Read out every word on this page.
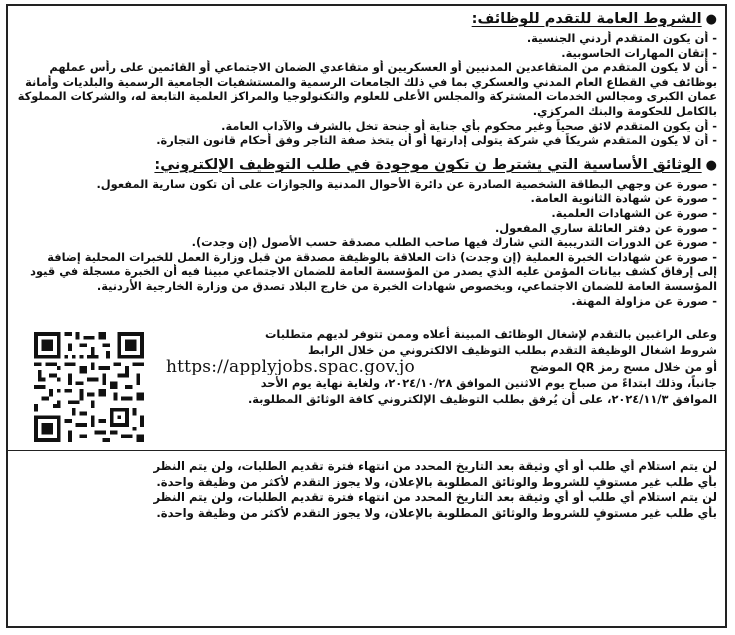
●الشروط العامة للتقدم للوظائف:
- أن يكون المتقدم أردني الجنسية.
- إتقان المهارات الحاسوبية.
- أن لا يكون المتقدم من المتقاعدين المدنيين أو العسكريين أو متقاعدي الضمان الاجتماعي أو القائمين على رأس عملهم
بوظائف في القطاع العام المدني والعسكري بما في ذلك الجامعات الرسمية والمستشفيات الجامعية الرسمية والبلديات وأمانة
عمان الكبرى ومجالس الخدمات المشتركة والمجلس الأعلى للعلوم والتكنولوجيا والمراكز العلمية التابعة له، والشركات المملوكة
بالكامل للحكومة والبنك المركزي.
- أن يكون المتقدم لائق صحياً وغير محكوم بأي جناية أو جنحة تخل بالشرف والآداب العامة.
- أن لا يكون المتقدم شريكاً في شركة يتولى إدارتها أو أن يتخذ صفة التاجر وفق أحكام قانون التجارة.
●الوثائق الأساسية التي يشترط ن تكون موجودة في طلب التوظيف الإلكتروني:
- صورة عن وجهي البطاقة الشخصية الصادرة عن دائرة الأحوال المدنية والجوازات على أن تكون سارية المفعول.
- صورة عن شهادة الثانوية العامة.
- صورة عن الشهادات العلمية.
- صورة عن دفتر العائلة ساري المفعول.
- صورة عن الدورات التدريبية التي شارك فيها صاحب الطلب مصدقة حسب الأصول (إن وجدت).
- صورة عن شهادات الخبرة العملية (إن وجدت) ذات العلاقة بالوظيفة مصدقة من قبل وزارة العمل للخبرات المحلية إضافة
إلى إرفاق كشف بيانات المؤمن عليه الذي يصدر من المؤسسة العامة للضمان الاجتماعي مبينا فيه أن الخبرة مسجلة في قيود
المؤسسة العامة للضمان الاجتماعي، وبخصوص شهادات الخبرة من خارج البلاد تصدق من وزارة الخارجية الأردنية.
- صورة عن مزاولة المهنة.
وعلى الراغبين بالتقدم لإشغال الوظائف المبينة أعلاه وممن تتوفر لديهم متطلبات
شروط اشغال الوظيفة التقدم بطلب التوظيف الالكتروني من خلال الرابط
أو من خلال مسح رمز QR الموضح
https://applyjobs.spac.gov.jo
جانباً، وذلك ابتداءً من صباح يوم الاثنين الموافق ٢٠٢٤/١٠/٢٨، ولغاية نهاية يوم الأحد
الموافق ٢٠٢٤/١١/٣، على أن يُرفق بطلب التوظيف الإلكتروني كافة الوثائق المطلوبة.
لن يتم استلام أي طلب أو أي وثيقة بعد التاريخ المحدد من انتهاء فترة تقديم الطلبات، ولن يتم النظر
بأي طلب غير مستوفٍ للشروط والوثائق المطلوبة بالإعلان، ولا يجوز التقدم لأكثر من وظيفة واحدة.
لن يتم استلام أي طلب أو أي وثيقة بعد التاريخ المحدد من انتهاء فترة تقديم الطلبات، ولن يتم النظر
بأي طلب غير مستوفٍ للشروط والوثائق المطلوبة بالإعلان، ولا يجوز التقدم لأكثر من وظيفة واحدة.
